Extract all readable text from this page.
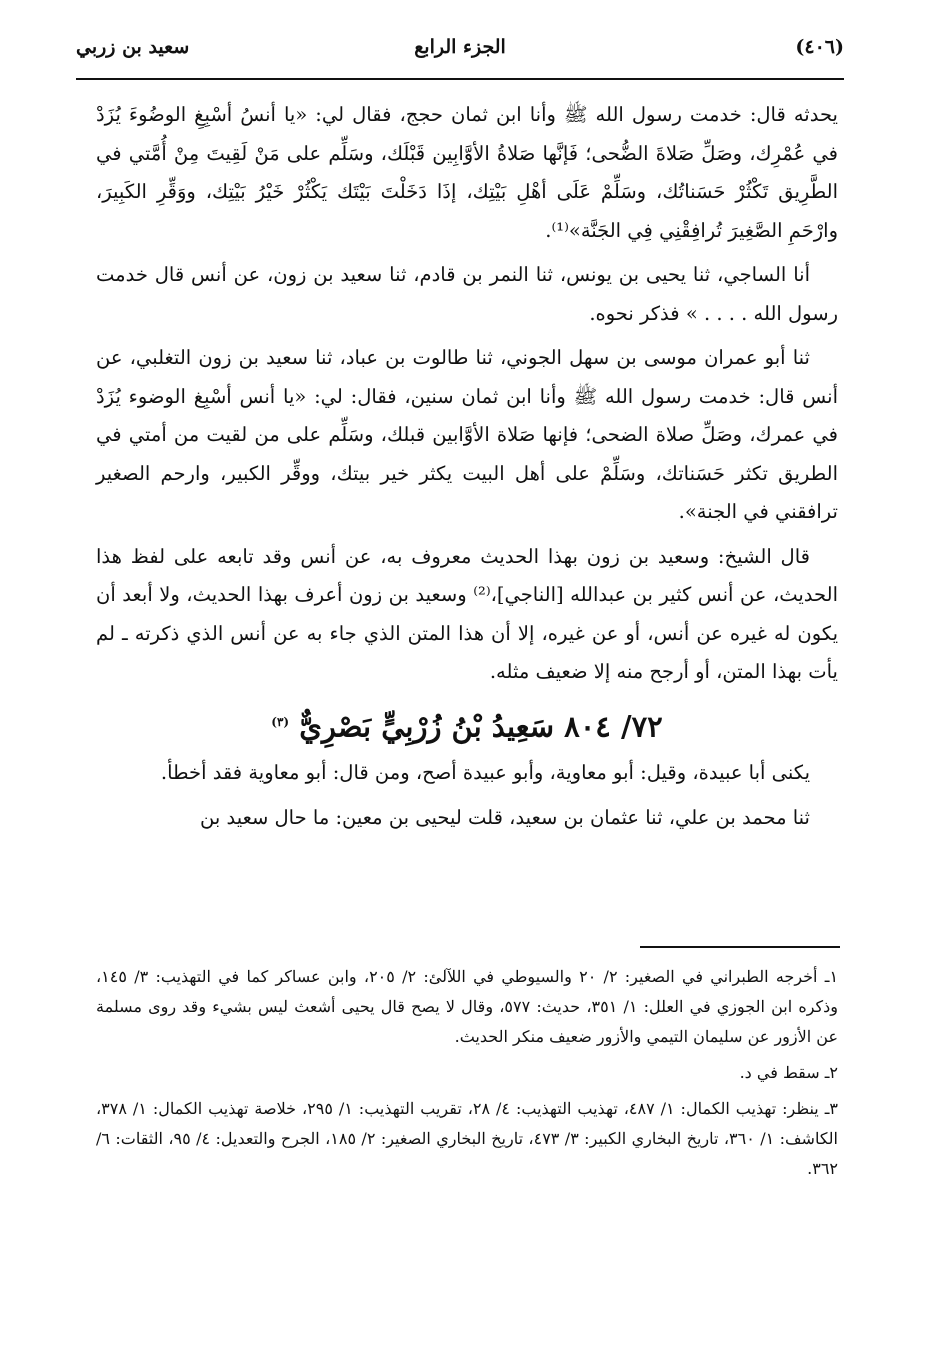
(٤٠٦)
الجزء الرابع
سعيد بن زربي

يحدثه قال: خدمت رسول الله ﷺ وأنا ابن ثمان حجج، فقال لي: «يا أنسُ أسْبِغِ الوضُوءَ يُزَدْ في عُمْرِك، وصَلِّ صَلاةَ الضُّحى؛ فَإنَّها صَلاةُ الأوَّابِين قَبْلَك، وسَلِّم على مَنْ لَقِيتَ مِنْ أُمَّتي في الطَّرِيق تَكْثُرْ حَسَناتُك، وسَلِّمْ عَلَى أهْلِ بَيْتِك، إذَا دَخَلْتَ بَيْتَك يَكْثُرْ خَيْرُ بَيْتِك، ووَقِّرِ الكَبِيرَ، وارْحَمِ الصَّغِيرَ تُرافِقْنِي فِي الجَنَّة»⁽¹⁾.

أنا الساجي، ثنا يحيى بن يونس، ثنا النمر بن قادم، ثنا سعيد بن زون، عن أنس قال خدمت رسول الله . . . . » فذكر نحوه.

ثنا أبو عمران موسى بن سهل الجوني، ثنا طالوت بن عباد، ثنا سعيد بن زون التغلبي، عن أنس قال: خدمت رسول الله ﷺ وأنا ابن ثمان سنين، فقال: لي: «يا أنس أسْبِغ الوضوء يُزَدْ في عمرك، وصَلِّ صلاة الضحى؛ فإنها صَلاة الأوَّابين قبلك، وسَلِّم على من لقيت من أمتي في الطريق تكثر حَسَناتك، وسَلِّمْ على أهل البيت يكثر خير بيتك، ووقِّر الكبير، وارحم الصغير ترافقني في الجنة».

قال الشيخ: وسعيد بن زون بهذا الحديث معروف به، عن أنس وقد تابعه على لفظ هذا الحديث، عن أنس كثير بن عبدالله [الناجي]،⁽²⁾ وسعيد بن زون أعرف بهذا الحديث، ولا أبعد أن يكون له غيره عن أنس، أو عن غيره، إلا أن هذا المتن الذي جاء به عن أنس الذي ذكرته ـ لم يأت بهذا المتن، أو أرجح منه إلا ضعيف مثله.

٧٢/ ٨٠٤ سَعِيدُ بْنُ زُرْبِيٍّ بَصْرِيٌّ $^{(٣)}$

يكنى أبا عبيدة، وقيل: أبو معاوية، وأبو عبيدة أصح، ومن قال: أبو معاوية فقد أخطأ.

ثنا محمد بن علي، ثنا عثمان بن سعيد، قلت ليحيى بن معين: ما حال سعيد بن

١ـ أخرجه الطبراني في الصغير: ٢/ ٢٠ والسيوطي في اللآلئ: ٢/ ٢٠٥، وابن عساكر كما في التهذيب: ٣/ ١٤٥، وذكره ابن الجوزي في العلل: ١/ ٣٥١، حديث: ٥٧٧، وقال لا يصح قال يحيى أشعث ليس بشيء وقد روى مسلمة عن الأزور عن سليمان التيمي والأزور ضعيف منكر الحديث.
٢ـ سقط في د.
٣ـ ينظر: تهذيب الكمال: ١/ ٤٨٧، تهذيب التهذيب: ٤/ ٢٨، تقريب التهذيب: ١/ ٢٩٥، خلاصة تهذيب الكمال: ١/ ٣٧٨، الكاشف: ١/ ٣٦٠، تاريخ البخاري الكبير: ٣/ ٤٧٣، تاريخ البخاري الصغير: ٢/ ١٨٥، الجرح والتعديل: ٤/ ٩٥، الثقات: ٦/ ٣٦٢.
